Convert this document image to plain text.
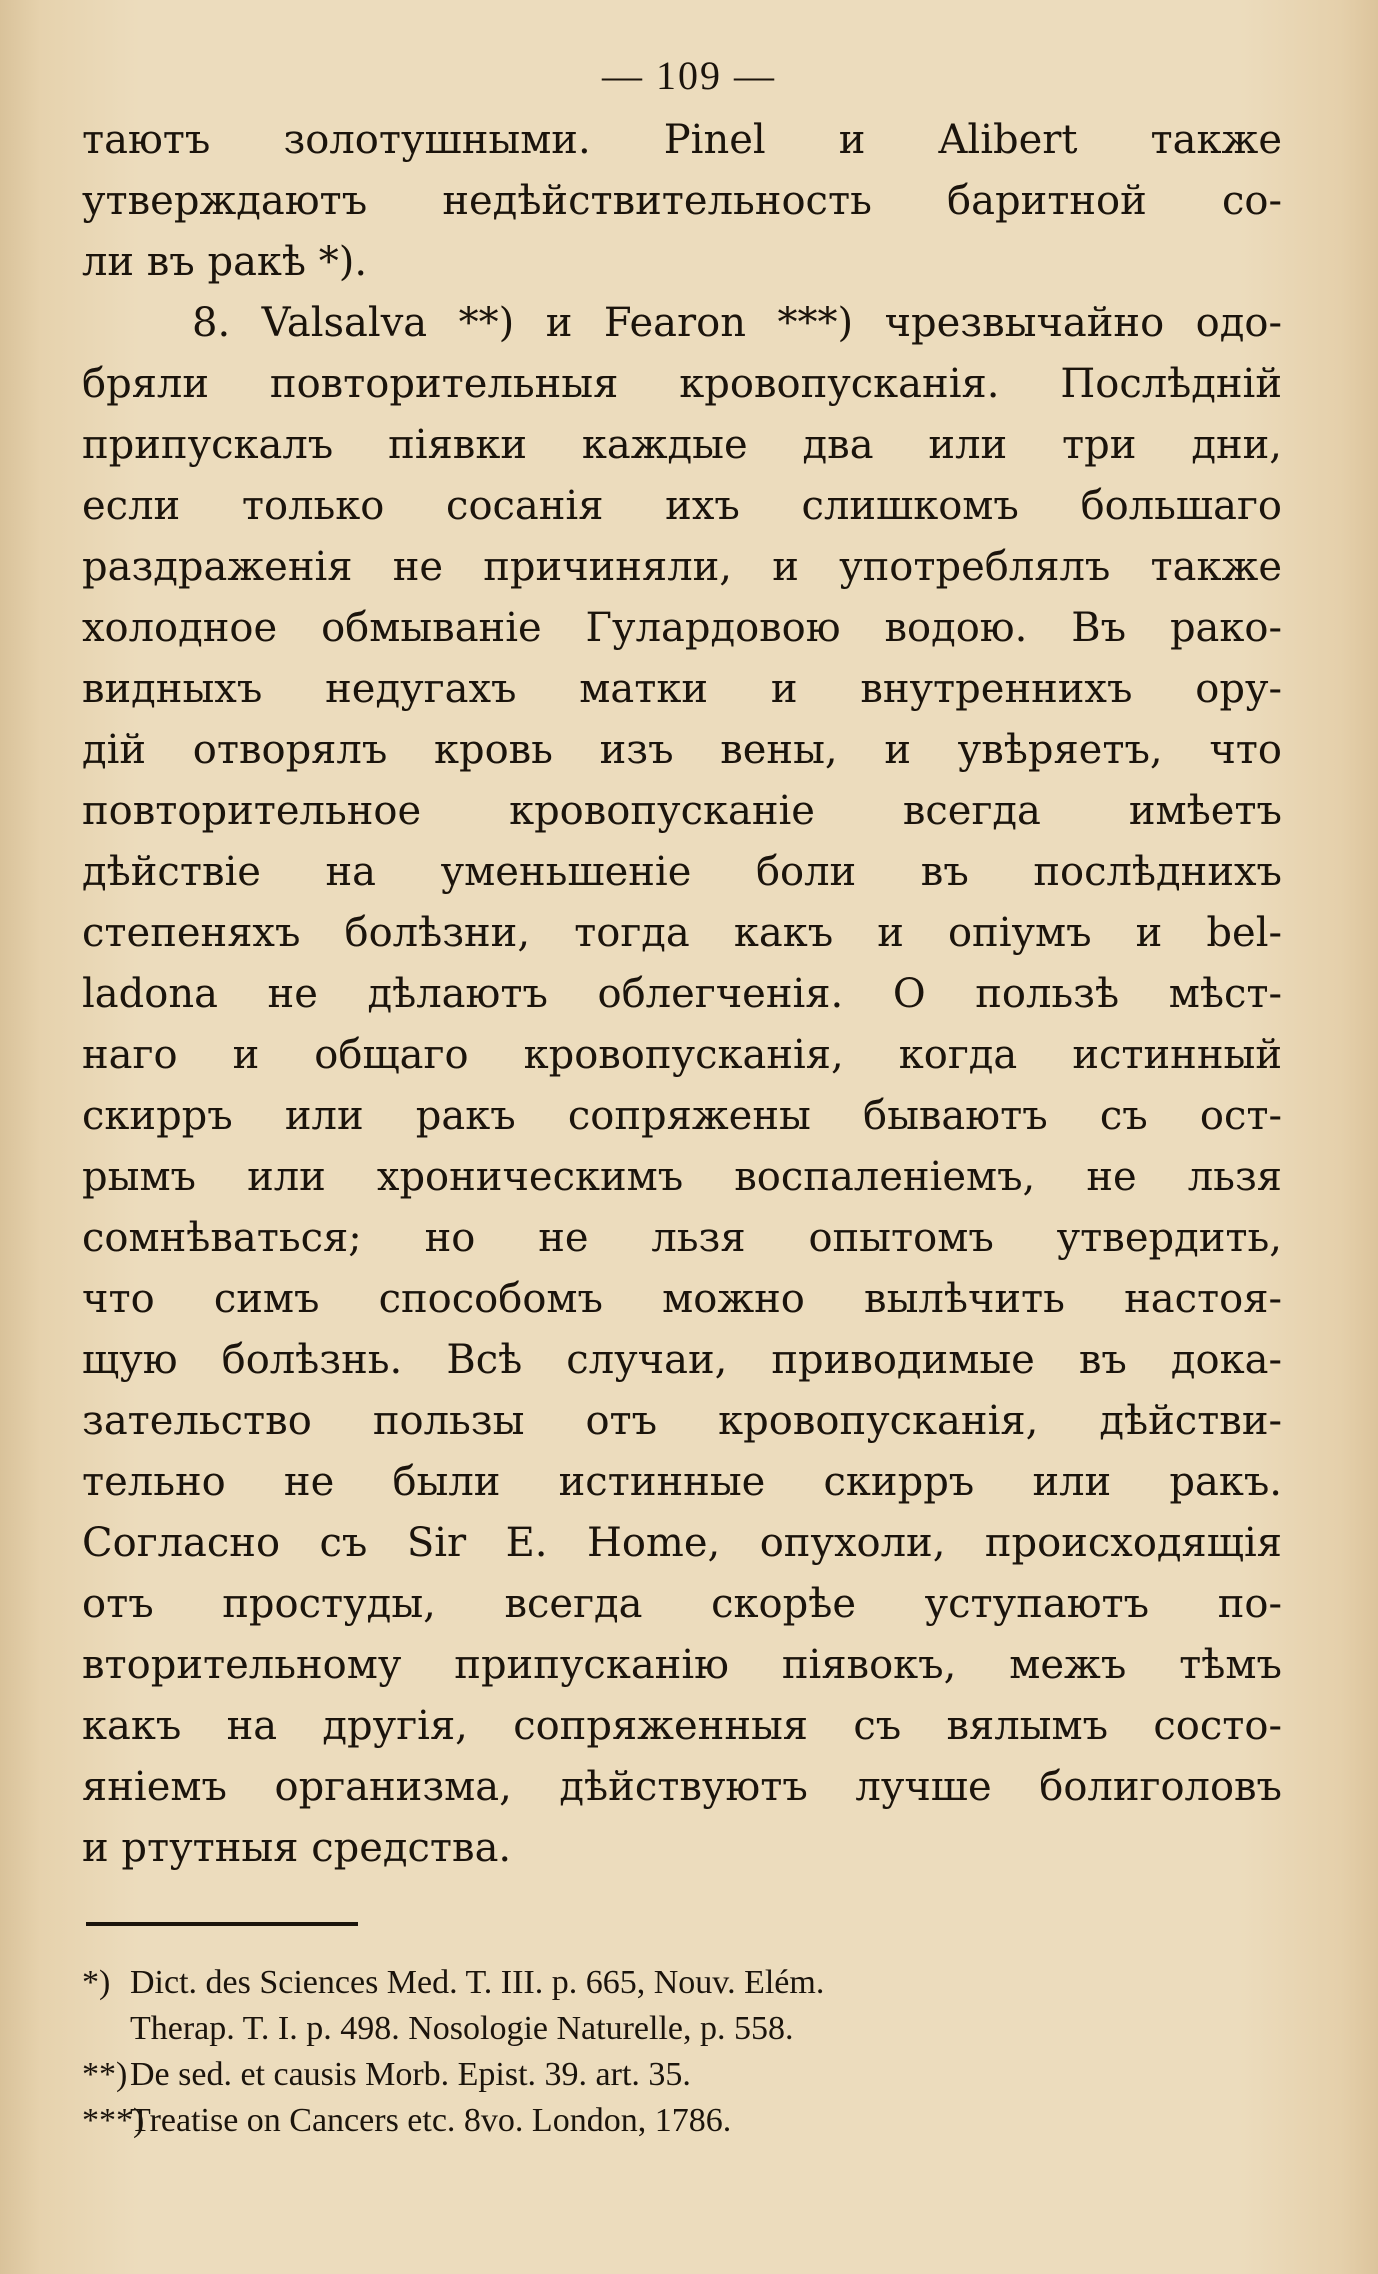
— 109 —
таютъ золотушными. Pinel и Alibert также
утверждаютъ недѣйствительность баритной со-
ли въ ракѣ *).
8. Valsalva **) и Fearon ***) чрезвычайно одо-
бряли повторительныя кровопусканія. Послѣдній
припускалъ піявки каждые два или три дни,
если только сосанія ихъ слишкомъ большаго
раздраженія не причиняли, и употреблялъ также
холодное обмываніе Гулардовою водою. Въ рако-
видныхъ недугахъ матки и внутреннихъ ору-
дій отворялъ кровь изъ вены, и увѣряетъ, что
повторительное кровопусканіе всегда имѣетъ
дѣйствіе на уменьшеніе боли въ послѣднихъ
степеняхъ болѣзни, тогда какъ и опіумъ и bel-
ladona не дѣлаютъ облегченія. О пользѣ мѣст-
наго и общаго кровопусканія, когда истинный
скирръ или ракъ сопряжены бываютъ съ ост-
рымъ или хроническимъ воспаленіемъ, не льзя
сомнѣваться; но не льзя опытомъ утвердить,
что симъ способомъ можно вылѣчить настоя-
щую болѣзнь. Всѣ случаи, приводимые въ дока-
зательство пользы отъ кровопусканія, дѣйстви-
тельно не были истинные скирръ или ракъ.
Согласно съ Sir E. Home, опухоли, происходящія
отъ простуды, всегда скорѣе уступаютъ по-
вторительному припусканію піявокъ, межъ тѣмъ
какъ на другія, сопряженныя съ вялымъ состо-
яніемъ организма, дѣйствуютъ лучше болиголовъ
и ртутныя средства.
*) Dict. des Sciences Med. T. III. p. 665, Nouv. Elém.
Therap. T. I. p. 498. Nosologie Naturelle, p. 558.
**)De sed. et causis Morb. Epist. 39. art. 35.
***)Treatise on Cancers etc. 8vo. London, 1786.
